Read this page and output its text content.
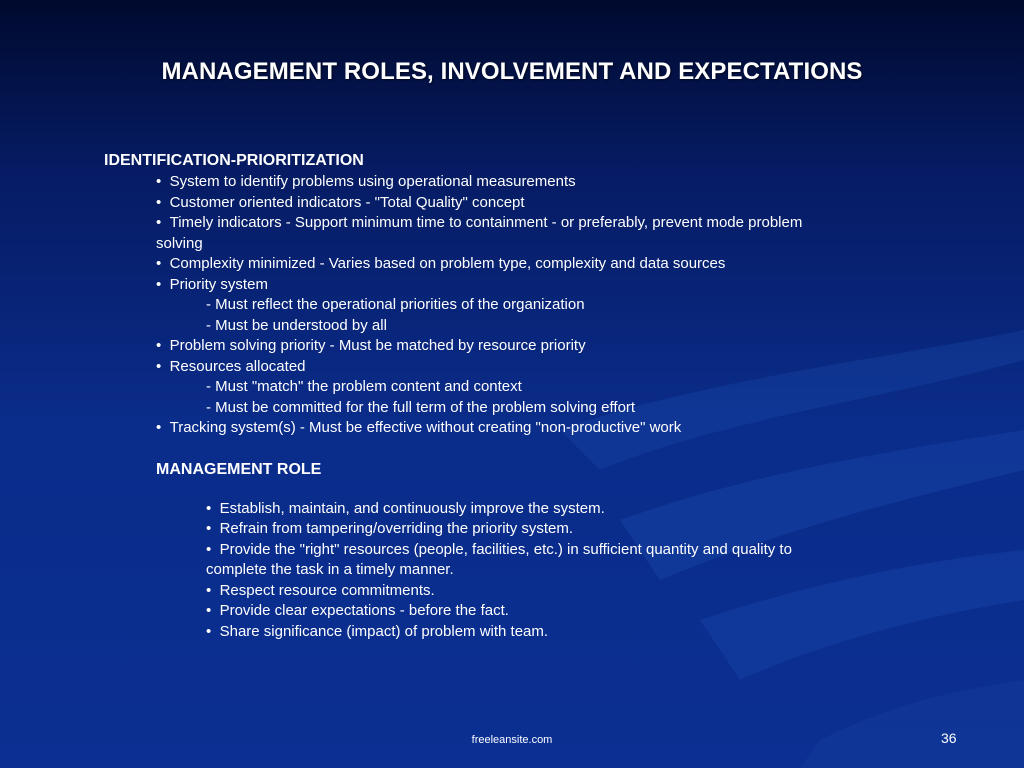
MANAGEMENT ROLES, INVOLVEMENT AND EXPECTATIONS
IDENTIFICATION-PRIORITIZATION
•  System to identify problems using operational measurements
•  Customer oriented indicators - "Total Quality" concept
•  Timely indicators - Support minimum time to containment - or preferably, prevent mode problem
solving
•  Complexity minimized - Varies based on problem type, complexity and data sources
•  Priority system
- Must reflect the operational priorities of the organization
- Must be understood by all
•  Problem solving priority - Must be matched by resource priority
•  Resources allocated
- Must "match" the problem content and context
- Must be committed for the full term of the problem solving effort
•  Tracking system(s) - Must be effective without creating "non-productive" work
MANAGEMENT ROLE
•  Establish, maintain, and continuously improve the system.
•  Refrain from tampering/overriding the priority system.
•  Provide the "right" resources (people, facilities, etc.) in sufficient quantity and quality to
complete the task in a timely manner.
•  Respect resource commitments.
•  Provide clear expectations - before the fact.
•  Share significance (impact) of problem with team.
freeleansite.com	36
